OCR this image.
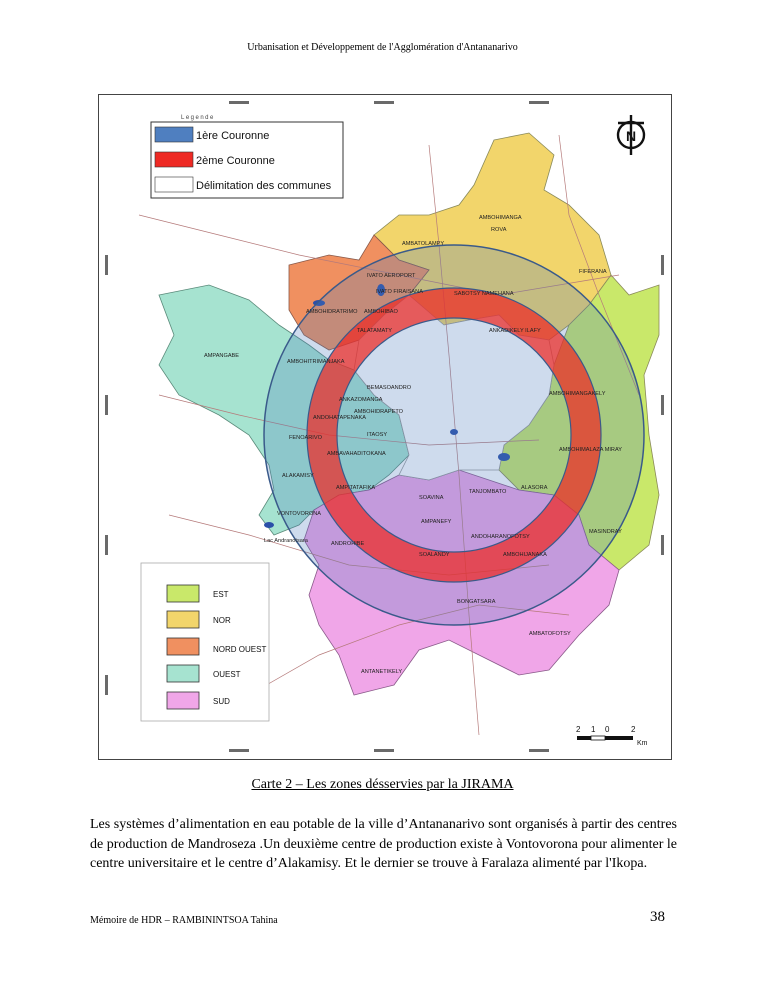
Urbanisation et Développement de l'Agglomération d'Antananarivo
AMBOHIMANGA
ROVA
AMBATOLAMPY
FIFERANA
IVATO AEROPORT
IVATO FIRAISANA	SABOTSY NAMEHANA
AMBOHIDRATRIMO AMBOHIBAO
ANKADIKELY ILAFY
TALATAMATY
AMPANGABE
AMBOHITRIMANJAKA
BEMASOANDRO
AMBOHIMANGAKELY
ANKAZOMANGA
AMBOHIDRAPETO
ANDOHATAPENAKA
ITAOSY
FENOARIVO
AMBOHIMALAZA MIRAY
AMBAVAHADITOKANA
ALAKAMISY
AMPITATAFIKA	ALASORA
SOAVINA
TANJOMBATO
VONTOVORONA
MASINDRAY
AMPANEFY
ANDOHARANOFOTSY
Lac Andranotsara	ANDROHIBE
SOALANDY	AMBOHIJANAKA
BONGATSARA
AMBATOFOTSY
ANTANETIKELY
Legende
1ère Couronne
2ème Couronne
Délimitation des communes
N
EST
NOR
NORD OUEST
OUEST
SUD
2 1 0	2
Km
Carte 2 – Les zones désservies par la JIRAMA
Les systèmes d’alimentation en eau potable de la ville d’Antananarivo sont organisés à partir des centres de production de Mandroseza .Un deuxième centre de production existe à Vontovorona pour alimenter le centre universitaire et le centre d’Alakamisy. Et le dernier se trouve à Faralaza alimenté par l'Ikopa.
Mémoire de HDR – RAMBININTSOA Tahina	38
